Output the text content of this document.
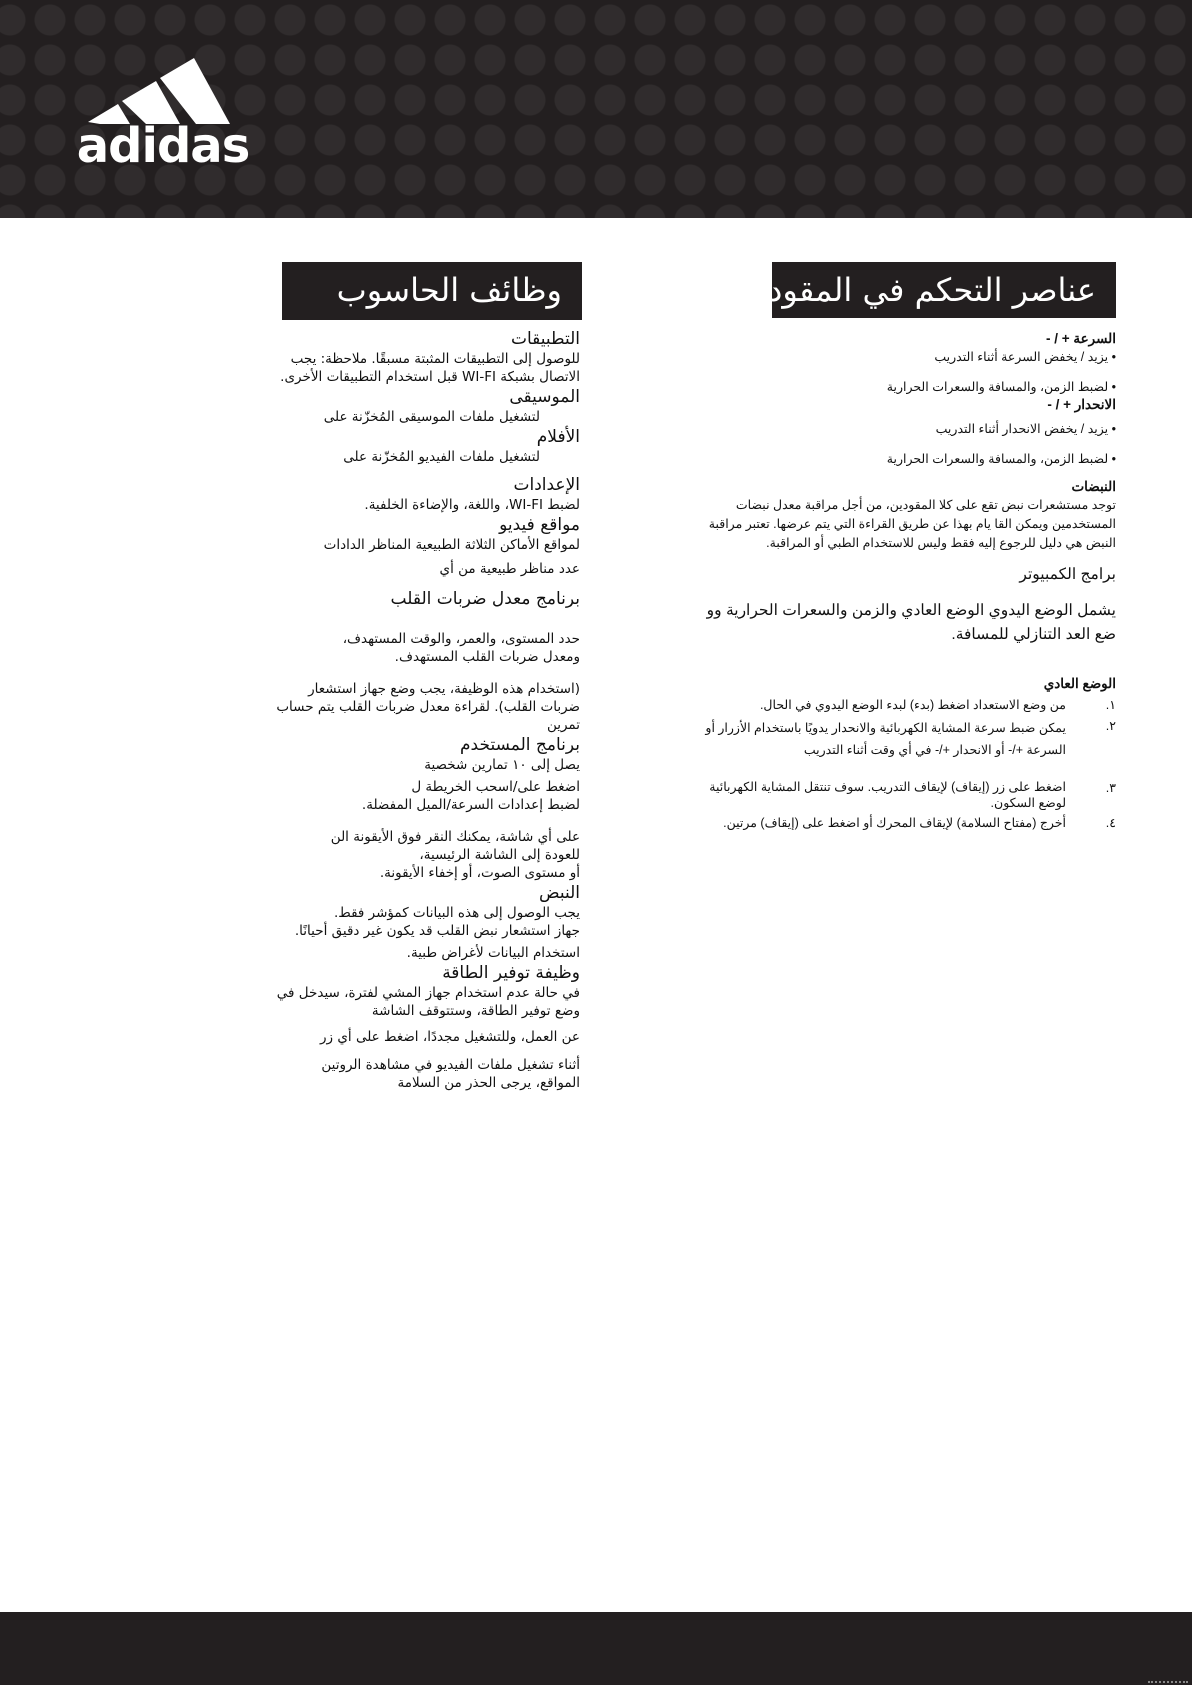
adidas
عناصر التحكم في المقود
وظائف الحاسوب

السرعة + / -

• يزيد / يخفض السرعة أثناء التدريب

• لضبط الزمن، والمسافة والسعرات الحرارية

الانحدار + / -

• يزيد / يخفض الانحدار أثناء التدريب

• لضبط الزمن، والمسافة والسعرات الحرارية

النبضات

توجد مستشعرات نبض تقع على كلا المقودين، من أجل مراقبة معدل نبضات المستخدمين ويمكن القا يام بهذا عن طريق القراءة التي يتم عرضها. تعتبر مراقبة النبض هي دليل للرجوع إليه فقط وليس للاستخدام الطبي أو المراقبة.

برامج الكمبيوتر

يشمل الوضع اليدوي الوضع العادي والزمن والسعرات الحرارية وو ضع العد التنازلي للمسافة.

الوضع العادي

١.
من وضع الاستعداد اضغط (بدء) لبدء الوضع اليدوي في الحال.
٢.
يمكن ضبط سرعة المشاية الكهربائية والانحدار يدويًا باستخدام الأزرار أو السرعة +/- أو الانحدار +/- في أي وقت أثناء التدريب
٣.
اضغط على زر (إيقاف) لإيقاف التدريب. سوف تنتقل المشاية الكهربائية لوضع السكون.
٤.
أخرج (مفتاح السلامة) لإيقاف المحرك أو اضغط على (إيقاف) مرتين.

التطبيقات

للوصول إلى التطبيقات المثبتة مسبقًا. ملاحظة: يجب

الاتصال بشبكة WI-FI قبل استخدام التطبيقات الأخرى.

الموسيقى

لتشغيل ملفات الموسيقى المُخزّنة على

الأفلام

لتشغيل ملفات الفيديو المُخزّنة على

الإعدادات

لضبط WI-FI، واللغة، والإضاءة الخلفية.

مواقع فيديو

لمواقع الأماكن الثلاثة الطبيعية المناظر الدادات

عدد مناظر طبيعية من أي

برنامج معدل ضربات القلب

حدد المستوى، والعمر، والوقت المستهدف،

ومعدل ضربات القلب المستهدف.

(استخدام هذه الوظيفة، يجب وضع جهاز استشعار

ضربات القلب). لقراءة معدل ضربات القلب يتم حساب

تمرين

برنامج المستخدم

يصل إلى ١٠ تمارين شخصية

اضغط على/اسحب الخريطة ل

لضبط إعدادات السرعة/الميل المفضلة.

على أي شاشة، يمكنك النقر فوق الأيقونة الن

للعودة إلى الشاشة الرئيسية،

أو مستوى الصوت، أو إخفاء الأيقونة.

النبض

يجب الوصول إلى هذه البيانات كمؤشر فقط.

جهاز استشعار نبض القلب قد يكون غير دقيق أحيانًا.

استخدام البيانات لأغراض طبية.

وظيفة توفير الطاقة

في حالة عدم استخدام جهاز المشي لفترة، سيدخل في

وضع توفير الطاقة، وستتوقف الشاشة

عن العمل، وللتشغيل مجددًا، اضغط على أي زر

أثناء تشغيل ملفات الفيديو في مشاهدة الروتين

المواقع، يرجى الحذر من السلامة
